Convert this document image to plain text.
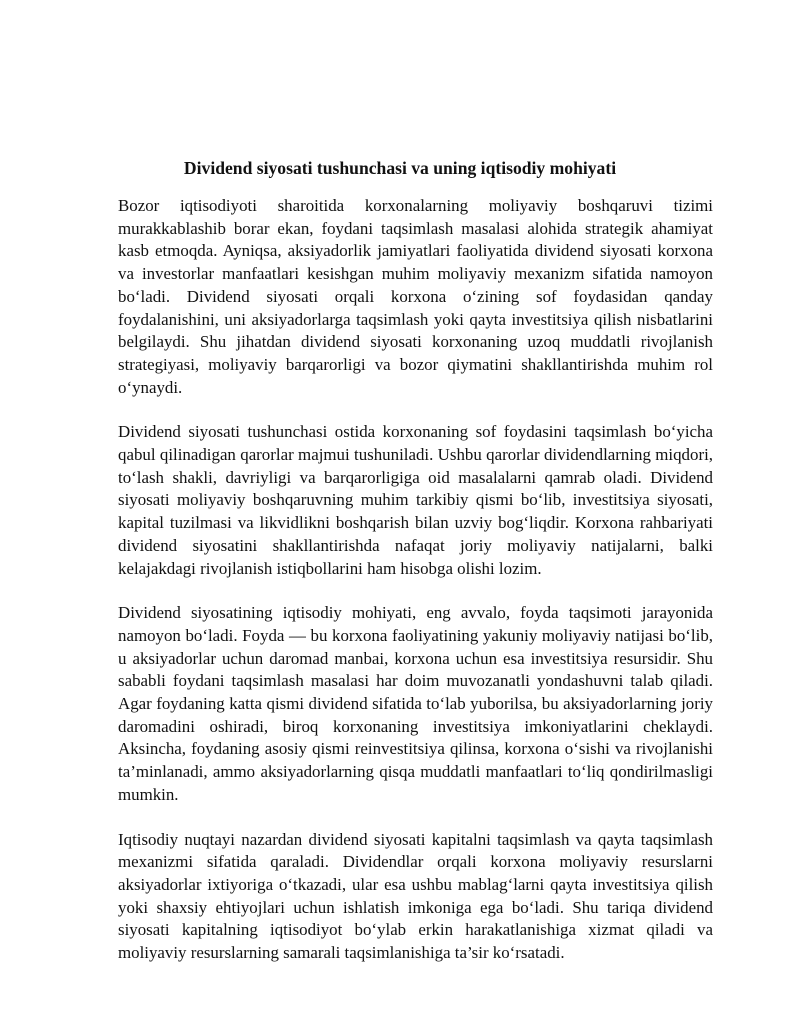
Dividend siyosati tushunchasi va uning iqtisodiy mohiyati

Bozor iqtisodiyoti sharoitida korxonalarning moliyaviy boshqaruvi tizimi murakkablashib borar ekan, foydani taqsimlash masalasi alohida strategik ahamiyat kasb etmoqda. Ayniqsa, aksiyadorlik jamiyatlari faoliyatida dividend siyosati korxona va investorlar manfaatlari kesishgan muhim moliyaviy mexanizm sifatida namoyon bo‘ladi. Dividend siyosati orqali korxona o‘zining sof foydasidan qanday foydalanishini, uni aksiyadorlarga taqsimlash yoki qayta investitsiya qilish nisbatlarini belgilaydi. Shu jihatdan dividend siyosati korxonaning uzoq muddatli rivojlanish strategiyasi, moliyaviy barqarorligi va bozor qiymatini shakllantirishda muhim rol o‘ynaydi.

Dividend siyosati tushunchasi ostida korxonaning sof foydasini taqsimlash bo‘yicha qabul qilinadigan qarorlar majmui tushuniladi. Ushbu qarorlar dividendlarning miqdori, to‘lash shakli, davriyligi va barqarorligiga oid masalalarni qamrab oladi. Dividend siyosati moliyaviy boshqaruvning muhim tarkibiy qismi bo‘lib, investitsiya siyosati, kapital tuzilmasi va likvidlikni boshqarish bilan uzviy bog‘liqdir. Korxona rahbariyati dividend siyosatini shakllantirishda nafaqat joriy moliyaviy natijalarni, balki kelajakdagi rivojlanish istiqbollarini ham hisobga olishi lozim.

Dividend siyosatining iqtisodiy mohiyati, eng avvalo, foyda taqsimoti jarayonida namoyon bo‘ladi. Foyda — bu korxona faoliyatining yakuniy moliyaviy natijasi bo‘lib, u aksiyadorlar uchun daromad manbai, korxona uchun esa investitsiya resursidir. Shu sababli foydani taqsimlash masalasi har doim muvozanatli yondashuvni talab qiladi. Agar foydaning katta qismi dividend sifatida to‘lab yuborilsa, bu aksiyadorlarning joriy daromadini oshiradi, biroq korxonaning investitsiya imkoniyatlarini cheklaydi. Aksincha, foydaning asosiy qismi reinvestitsiya qilinsa, korxona o‘sishi va rivojlanishi ta’minlanadi, ammo aksiyadorlarning qisqa muddatli manfaatlari to‘liq qondirilmasligi mumkin.

Iqtisodiy nuqtayi nazardan dividend siyosati kapitalni taqsimlash va qayta taqsimlash mexanizmi sifatida qaraladi. Dividendlar orqali korxona moliyaviy resurslarni aksiyadorlar ixtiyoriga o‘tkazadi, ular esa ushbu mablag‘larni qayta investitsiya qilish yoki shaxsiy ehtiyojlari uchun ishlatish imkoniga ega bo‘ladi. Shu tariqa dividend siyosati kapitalning iqtisodiyot bo‘ylab erkin harakatlanishiga xizmat qiladi va moliyaviy resurslarning samarali taqsimlanishiga ta’sir ko‘rsatadi.
